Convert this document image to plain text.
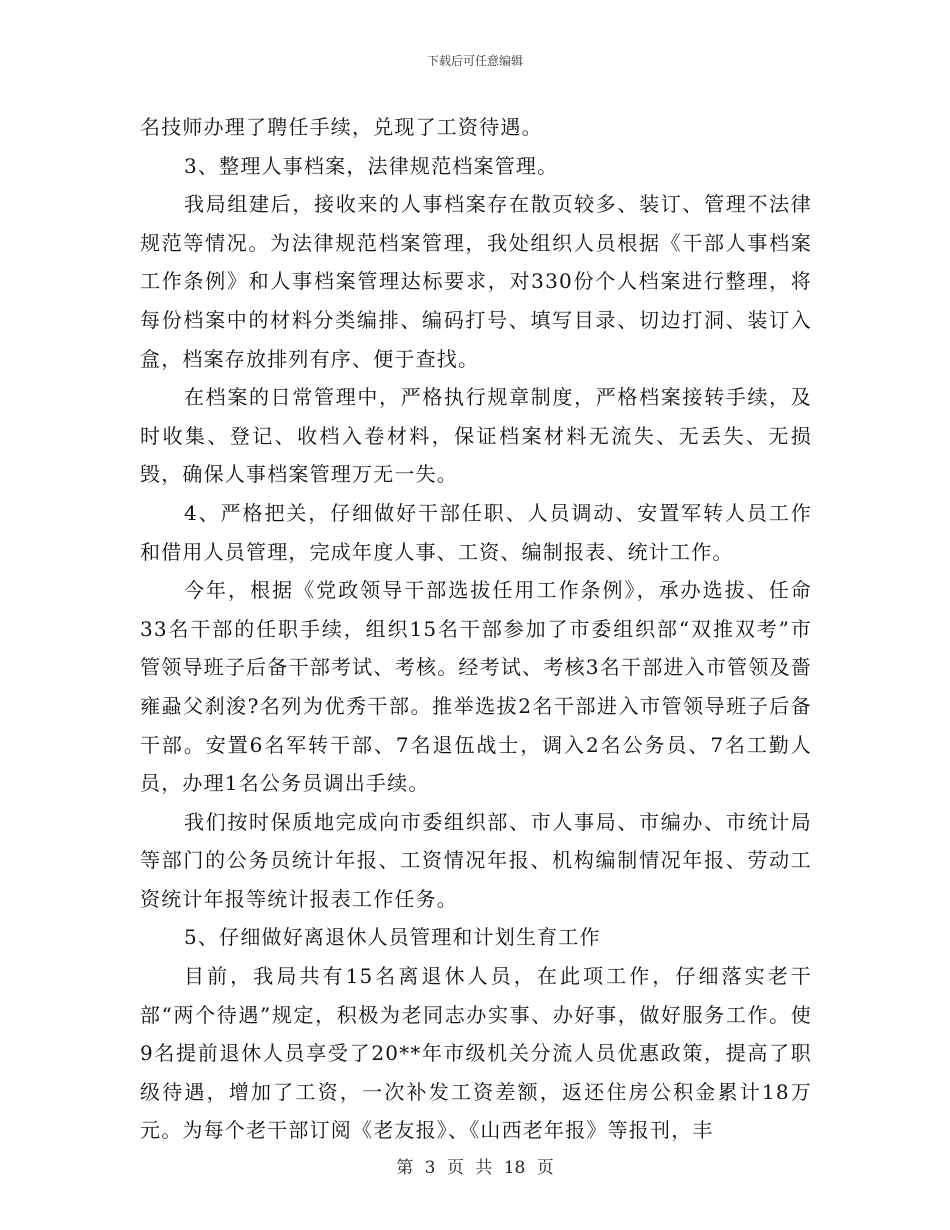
下载后可任意编辑

名技师办理了聘任手续，兑现了工资待遇。

3、整理人事档案，法律规范档案管理。

我局组建后，接收来的人事档案存在散页较多、装订、管理不法律规范等情况。为法律规范档案管理，我处组织人员根据《干部人事档案工作条例》和人事档案管理达标要求，对330份个人档案进行整理，将每份档案中的材料分类编排、编码打号、填写目录、切边打洞、装订入盒，档案存放排列有序、便于查找。

在档案的日常管理中，严格执行规章制度，严格档案接转手续，及时收集、登记、收档入卷材料，保证档案材料无流失、无丢失、无损毁，确保人事档案管理万无一失。

4、严格把关，仔细做好干部任职、人员调动、安置军转人员工作和借用人员管理，完成年度人事、工资、编制报表、统计工作。

今年，根据《党政领导干部选拔任用工作条例》，承办选拔、任命33名干部的任职手续，组织15名干部参加了市委组织部“双推双考”市管领导班子后备干部考试、考核。经考试、考核3名干部进入市管领及嗇雍蝨父刹浚?名列为优秀干部。推举选拔2名干部进入市管领导班子后备干部。安置6名军转干部、7名退伍战士，调入2名公务员、7名工勤人员，办理1名公务员调出手续。

我们按时保质地完成向市委组织部、市人事局、市编办、市统计局等部门的公务员统计年报、工资情况年报、机构编制情况年报、劳动工资统计年报等统计报表工作任务。

5、仔细做好离退休人员管理和计划生育工作

目前，我局共有15名离退休人员，在此项工作，仔细落实老干部“两个待遇”规定，积极为老同志办实事、办好事，做好服务工作。使9名提前退休人员享受了20**年市级机关分流人员优惠政策，提高了职级待遇，增加了工资，一次补发工资差额，返还住房公积金累计18万元。为每个老干部订阅《老友报》、《山西老年报》等报刊，丰

第 3 页 共 18 页
